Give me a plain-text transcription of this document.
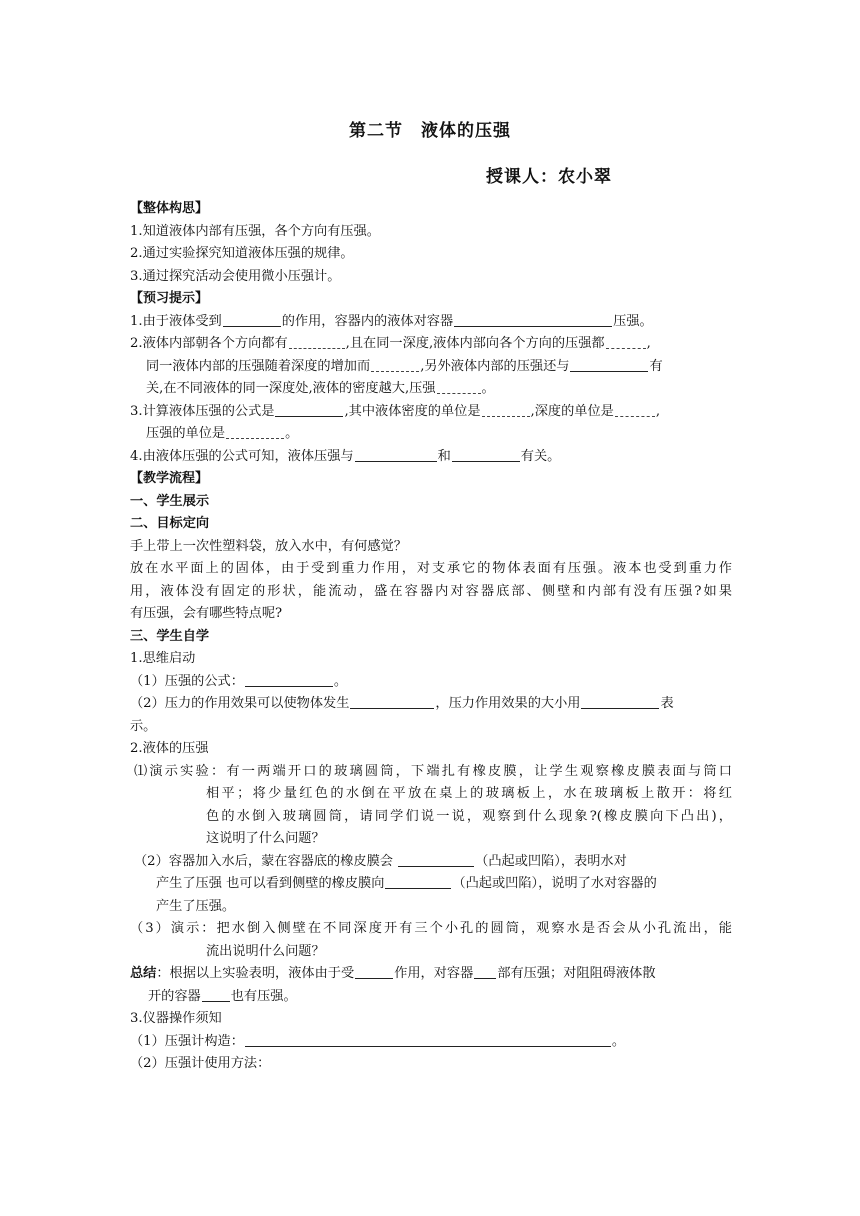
第二节　液体的压强
授课人：农小翠
【整体构思】
1.知道液体内部有压强，各个方向有压强。
2.通过实验探究知道液体压强的规律。
3.通过探究活动会使用微小压强计。
【预习提示】
1.由于液体受到	的作用，容器内的液体对容器	压强。
2.液体内部朝各个方向都有	,且在同一深度,液体内部向各个方向的压强都	,
同一液体内部的压强随着深度的增加而	,另外液体内部的压强还与	有
关,在不同液体的同一深度处,液体的密度越大,压强	。
3.计算液体压强的公式是	,其中液体密度的单位是	,深度的单位是	,
压强的单位是	。
4.由液体压强的公式可知，液体压强与	和	有关。
【教学流程】
一、学生展示
二、目标定向
手上带上一次性塑料袋，放入水中，有何感觉？
放在水平面上的固体，由于受到重力作用，对支承它的物体表面有压强。液本也受到重力作
用，液体没有固定的形状，能流动，盛在容器内对容器底部、侧壁和内部有没有压强?如果
有压强，会有哪些特点呢?
三、学生自学
1.思维启动
（1）压强的公式：	。
（2）压力的作用效果可以使物体发生	，压力作用效果的大小用	表
示。
2.液体的压强
⑴演示实验：有一两端开口的玻璃圆筒，下端扎有橡皮膜，让学生观察橡皮膜表面与筒口
相平；将少量红色的水倒在平放在桌上的玻璃板上，水在玻璃板上散开：将红
色的水倒入玻璃圆筒，请同学们说一说，观察到什么现象?(橡皮膜向下凸出)，
这说明了什么问题？
（2）容器加入水后，蒙在容器底的橡皮膜会	（凸起或凹陷），表明水对
产生了压强 也可以看到侧壁的橡皮膜向	（凸起或凹陷），说明了水对容器的
产生了压强。
（3）演示：把水倒入侧壁在不同深度开有三个小孔的圆筒，观察水是否会从小孔流出，能
流出说明什么问题？
总结：根据以上实验表明，液体由于受	作用，对容器 部有压强；对阻阻碍液体散
开的容器 也有压强。
3.仪器操作须知
（1）压强计构造：	。
（2）压强计使用方法：
